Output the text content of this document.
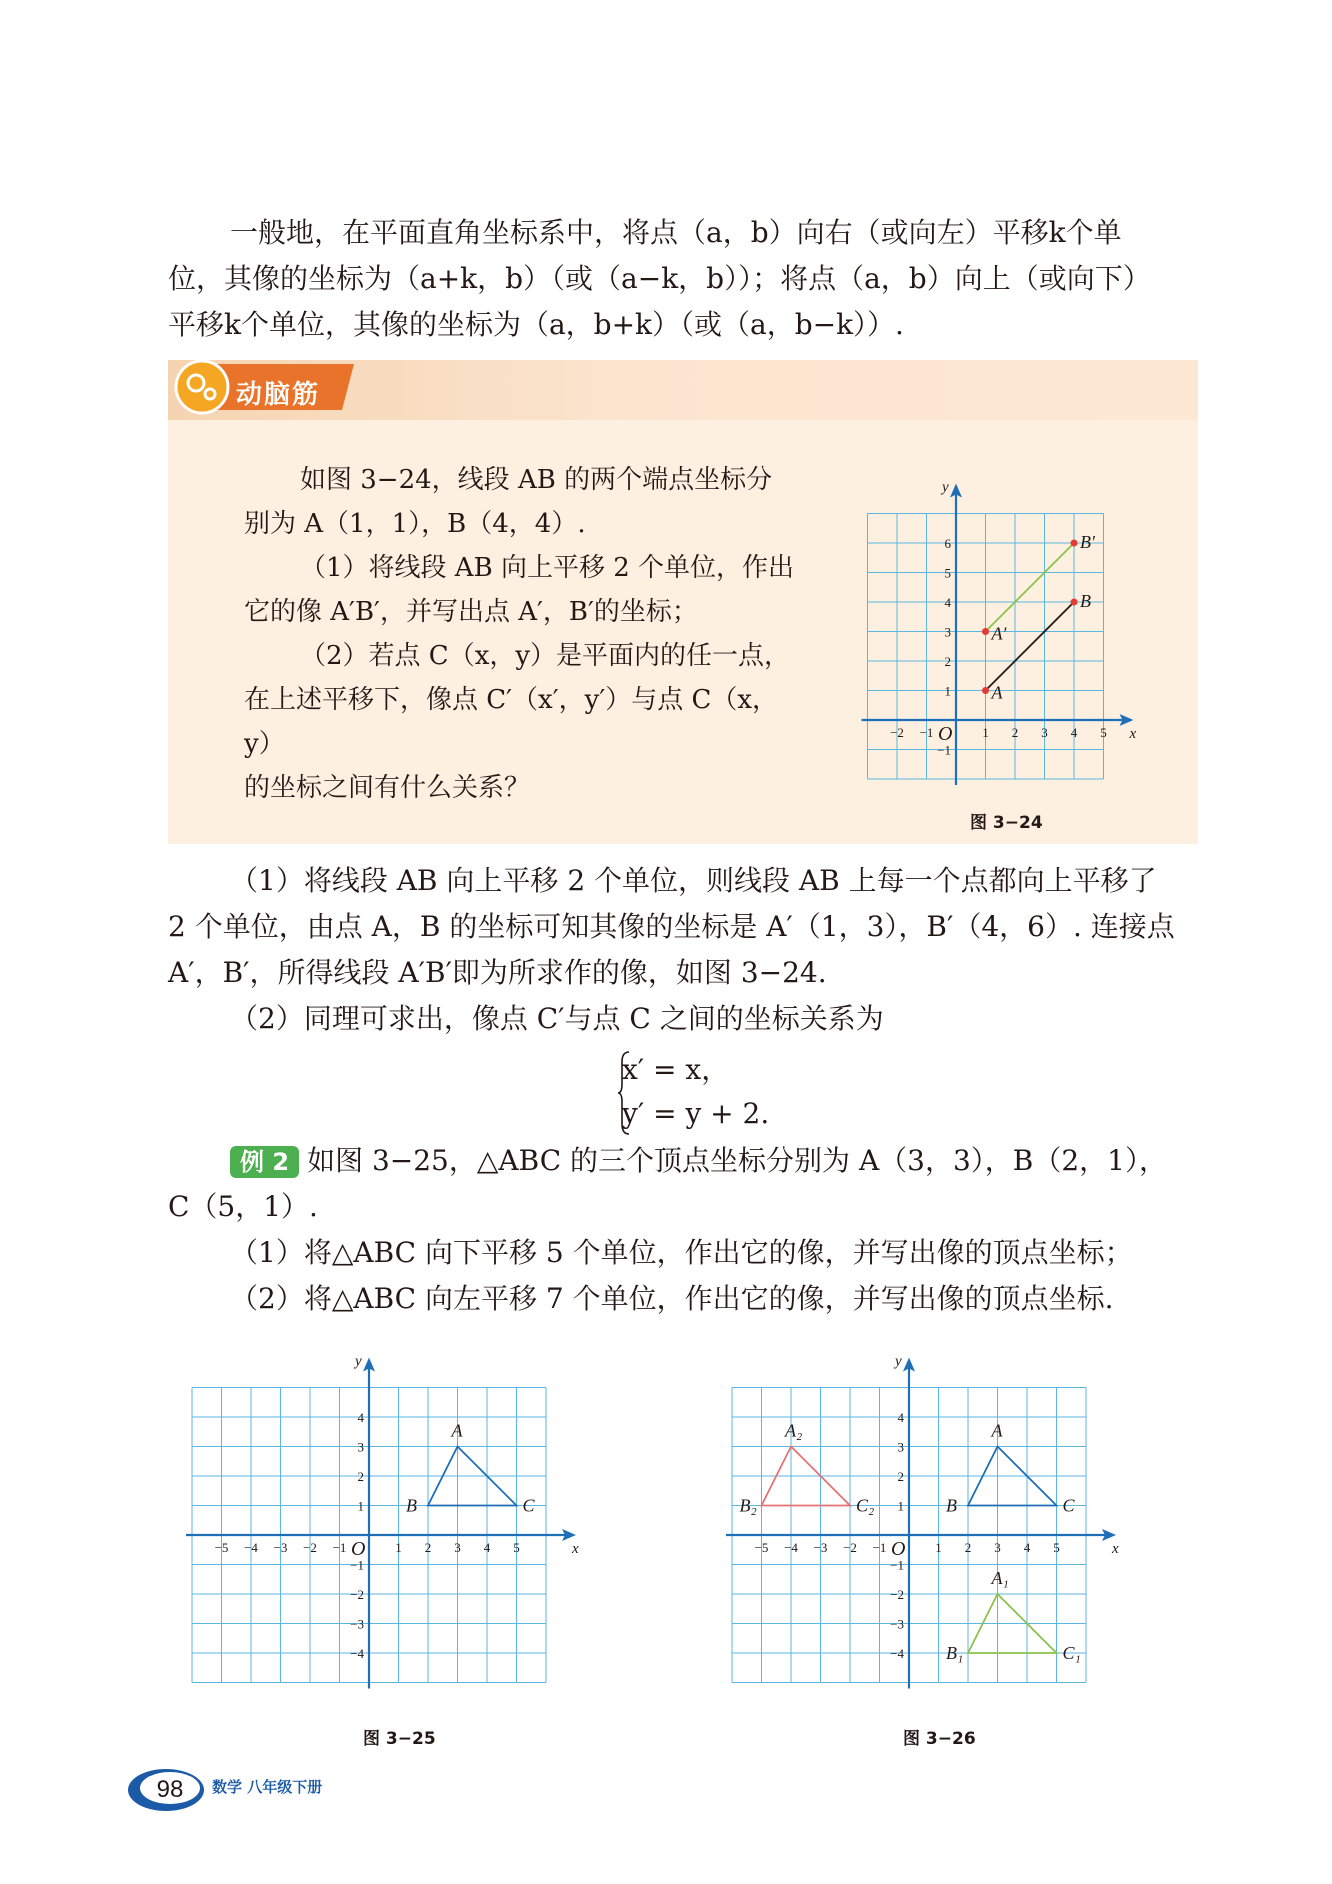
一般地，在平面直角坐标系中，将点（a，b）向右（或向左）平移k个单

位，其像的坐标为（a+k，b）（或（a−k，b））；将点（a，b）向上（或向下）

平移k个单位，其像的坐标为（a，b+k）（或（a，b−k））.

动脑筋

如图 3−24，线段 AB 的两个端点坐标分

别为 A（1，1），B（4，4）.

（1）将线段 AB 向上平移 2 个单位，作出

它的像 A′B′，并写出点 A′，B′的坐标；

（2）若点 C（x，y）是平面内的任一点，

在上述平移下，像点 C′（x′，y′）与点 C（x，y）

的坐标之间有什么关系？

x
y
O
−2 −1	1 2 3 4 5
−1
1
2
3
4
5
6
A
B
A′
B′
图 3−24

（1）将线段 AB 向上平移 2 个单位，则线段 AB 上每一个点都向上平移了

2 个单位，由点 A，B 的坐标可知其像的坐标是 A′（1，3），B′（4，6）. 连接点

A′，B′，所得线段 A′B′即为所求作的像，如图 3−24.

（2）同理可求出，像点 C′与点 C 之间的坐标关系为

x′ = x，
y′ = y + 2.

例 2 如图 3−25，△ABC 的三个顶点坐标分别为 A（3，3），B（2，1），

C（5，1）.

（1）将△ABC 向下平移 5 个单位，作出它的像，并写出像的顶点坐标；

（2）将△ABC 向左平移 7 个单位，作出它的像，并写出像的顶点坐标.

x
y
O
−5 −4 −3 −2 −1	1 2 3 4 5
−4
−3
−2
−1
1
2
3
4
A
B	C
图 3−25
x
y
O
−5 −4 −3 −2 −1	1 2 3 4 5
−4
−3
−2
−1
1
2
3
4
A
B	C
A₁
B₁	C₁
A₂
B₂	C₂
图 3−26
98 数学 八年级下册
